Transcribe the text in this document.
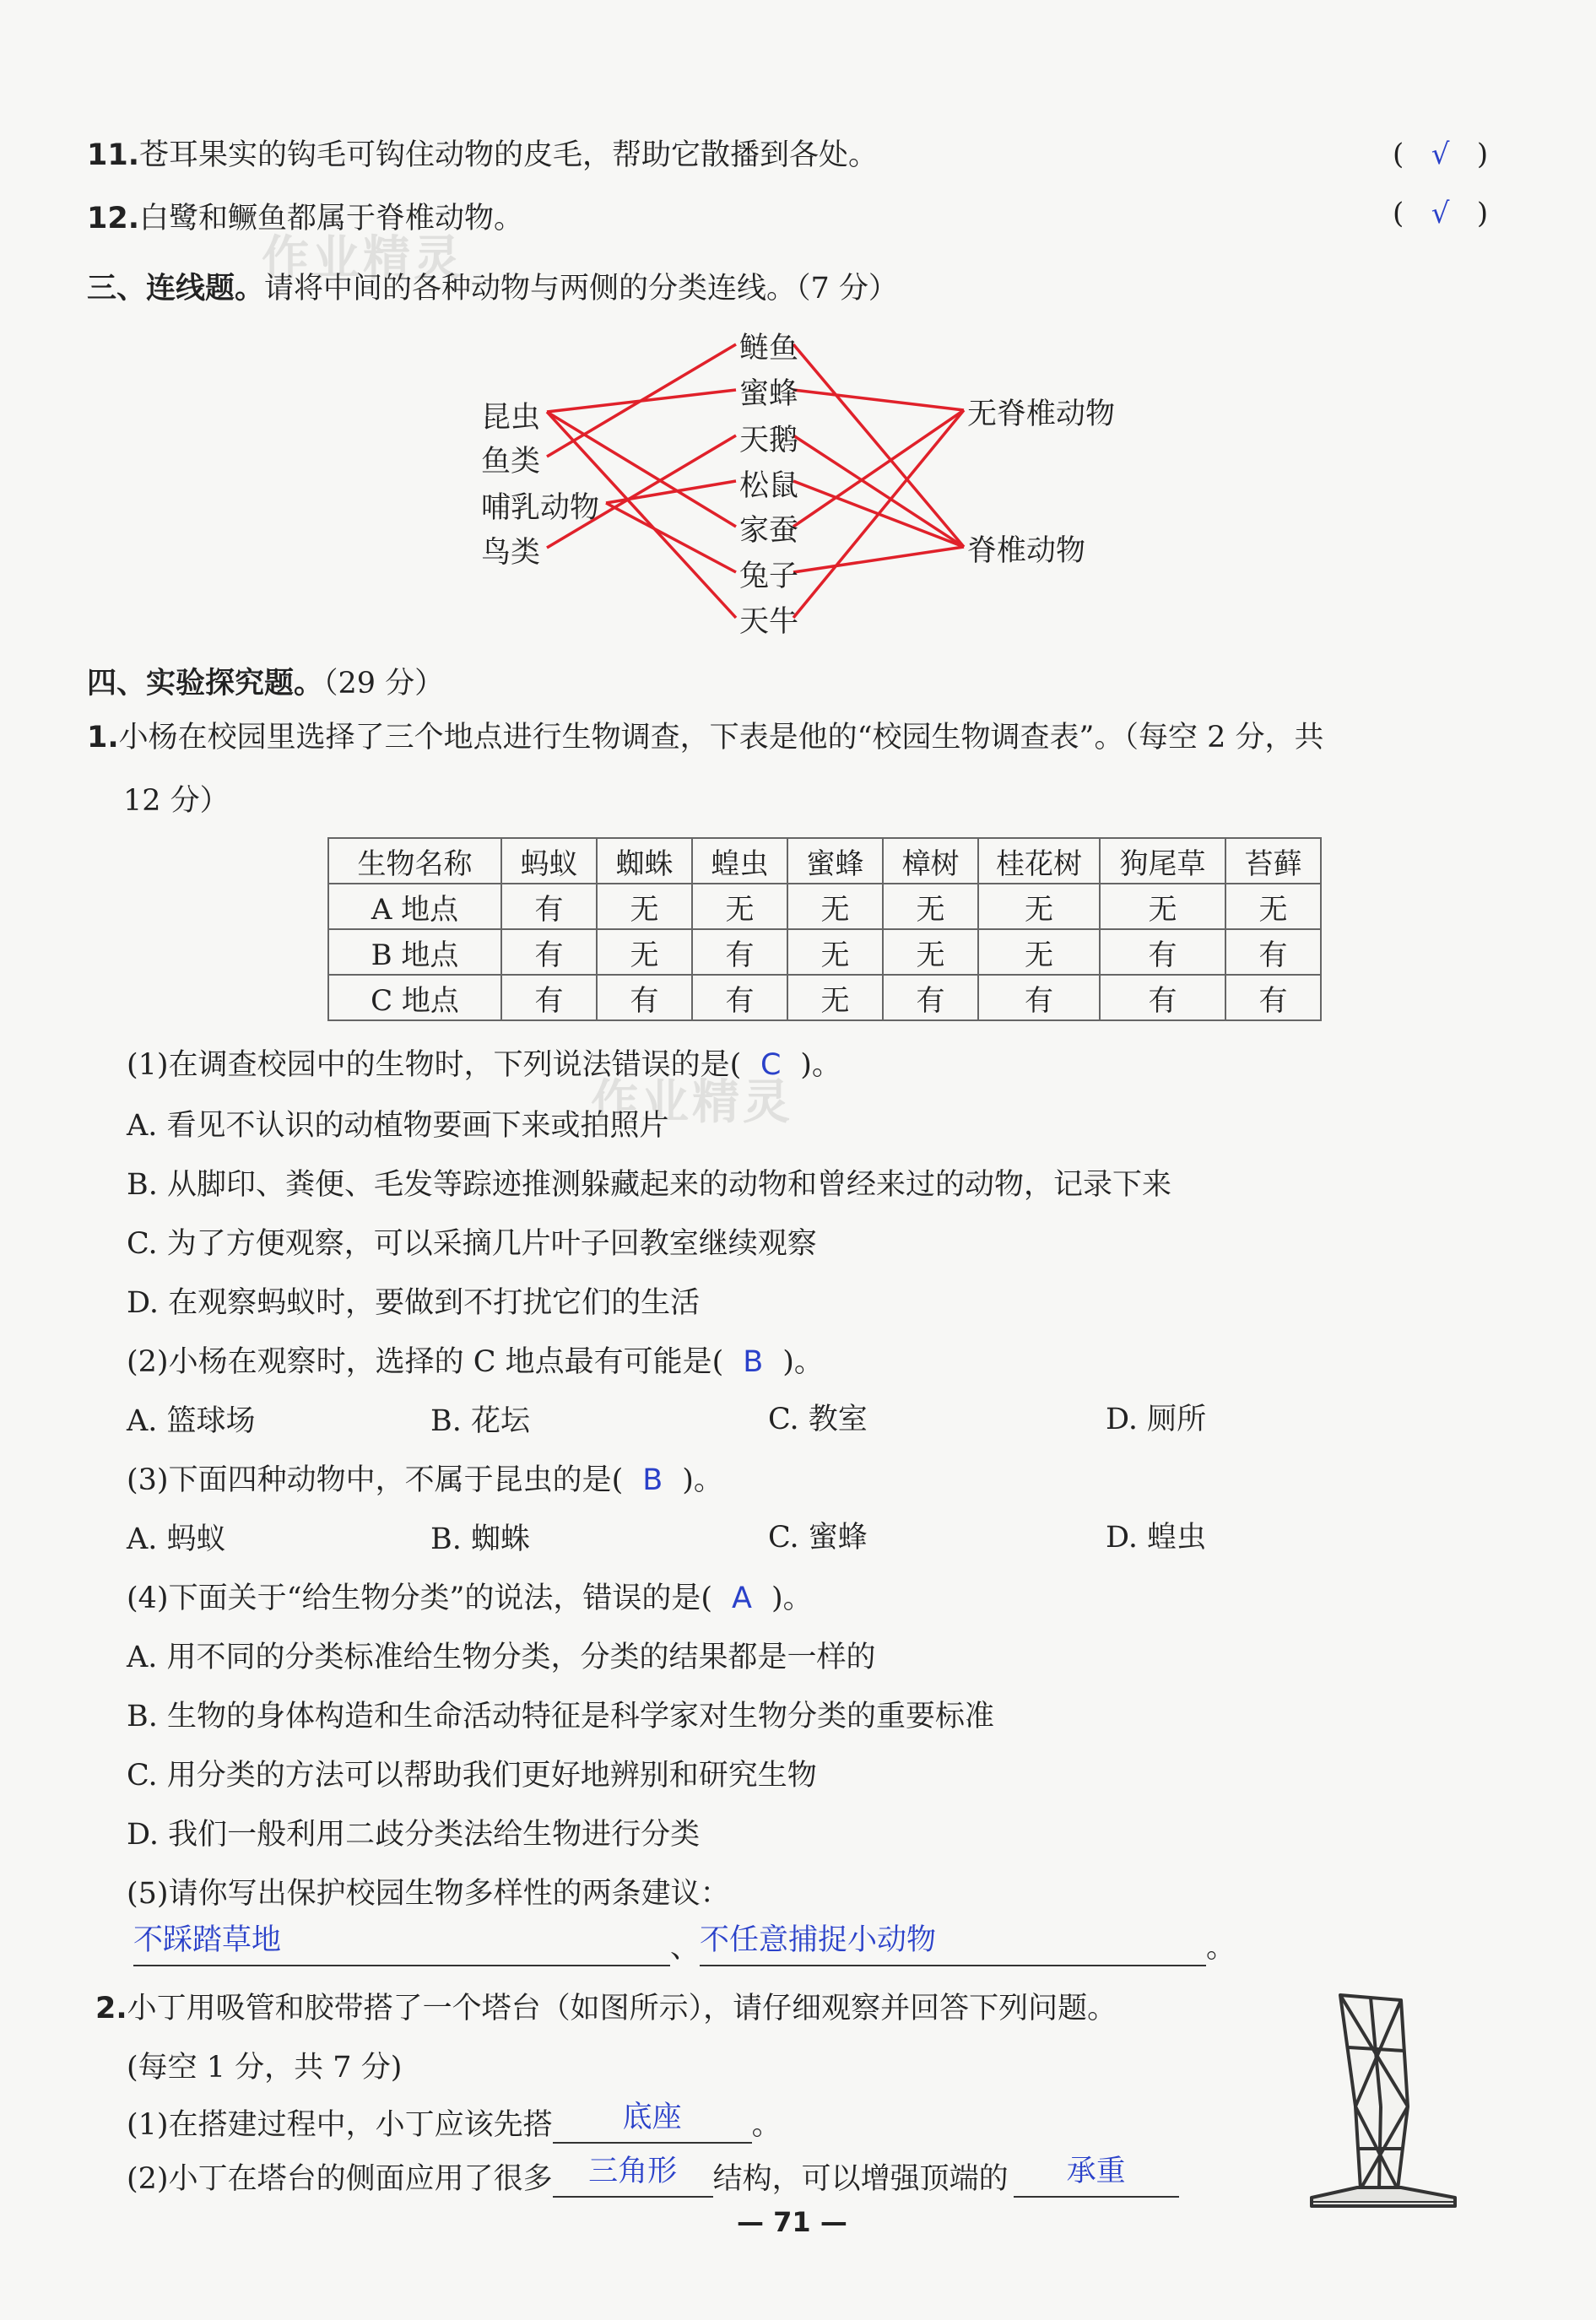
作业精灵
作业精灵
11.苍耳果实的钩毛可钩住动物的皮毛，帮助它散播到各处。	( √ )
12.白鹭和鳜鱼都属于脊椎动物。	( √ )
三、连线题。请将中间的各种动物与两侧的分类连线。（7 分）
昆虫
鱼类
哺乳动物
鸟类
鲢鱼
蜜蜂
天鹅
松鼠
家蚕
兔子
天牛
无脊椎动物
脊椎动物
四、实验探究题。（29 分）
1.小杨在校园里选择了三个地点进行生物调查，下表是他的“校园生物调查表”。（每空 2 分，共
12 分）
生物名称	蚂蚁	蜘蛛	蝗虫	蜜蜂	樟树	桂花树	狗尾草	苔藓
A 地点	有	无	无	无	无	无	无	无
B 地点	有	无	有	无	无	无	有	有
C 地点	有	有	有	无	有	有	有	有
(1)在调查校园中的生物时，下列说法错误的是( C )。
A. 看见不认识的动植物要画下来或拍照片
B. 从脚印、粪便、毛发等踪迹推测躲藏起来的动物和曾经来过的动物，记录下来
C. 为了方便观察，可以采摘几片叶子回教室继续观察
D. 在观察蚂蚁时，要做到不打扰它们的生活
(2)小杨在观察时，选择的 C 地点最有可能是( B )。
A. 篮球场	B. 花坛	C. 教室	D. 厕所
(3)下面四种动物中，不属于昆虫的是( B )。
A. 蚂蚁	B. 蜘蛛	C. 蜜蜂	D. 蝗虫
(4)下面关于“给生物分类”的说法，错误的是( A )。
A. 用不同的分类标准给生物分类，分类的结果都是一样的
B. 生物的身体构造和生命活动特征是科学家对生物分类的重要标准
C. 用分类的方法可以帮助我们更好地辨别和研究生物
D. 我们一般利用二歧分类法给生物进行分类
(5)请你写出保护校园生物多样性的两条建议：
不踩踏草地	、不任意捕捉小动物	。
2.小丁用吸管和胶带搭了一个塔台（如图所示），请仔细观察并回答下列问题。
(每空 1 分，共 7 分)
(1)在搭建过程中，小丁应该先搭 底座 。
(2)小丁在塔台的侧面应用了很多 三角形 结构，可以增强顶端的 承重
— 71 —
